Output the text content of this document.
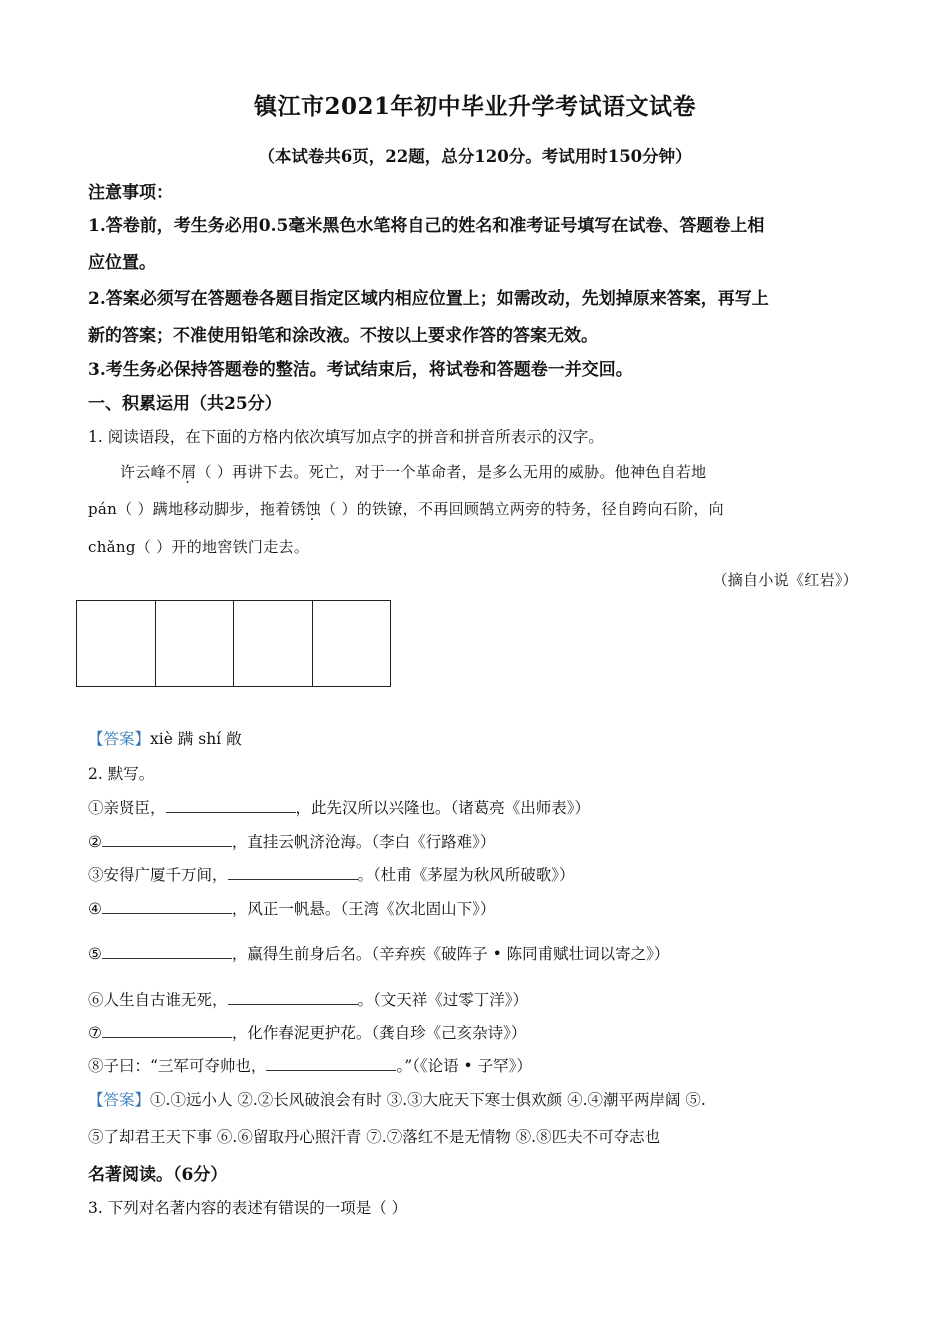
镇江市2021年初中毕业升学考试语文试卷
（本试卷共6页，22题，总分120分。考试用时150分钟）
注意事项：
1.答卷前，考生务必用0.5毫米黑色水笔将自己的姓名和准考证号填写在试卷、答题卷上相
应位置。
2.答案必须写在答题卷各题目指定区域内相应位置上；如需改动，先划掉原来答案，再写上
新的答案；不准使用铅笔和涂改液。不按以上要求作答的答案无效。
3.考生务必保持答题卷的整洁。考试结束后，将试卷和答题卷一并交回。
一、积累运用（共25分）
1. 阅读语段，在下面的方格内依次填写加点字的拼音和拼音所表示的汉字。
许云峰不屑（ ）再讲下去。死亡，对于一个革命者，是多么无用的威胁。他神色自若地
pán（ ）蹒地移动脚步，拖着锈蚀（ ）的铁镣，不再回顾鹄立两旁的特务，径自跨向石阶，向
chǎng（ ）开的地窖铁门走去。
（摘自小说《红岩》）
【答案】xiè 蹒 shí 敞
2. 默写。
①亲贤臣，	，此先汉所以兴隆也。（诸葛亮《出师表》）
②	，直挂云帆济沧海。（李白《行路难》）
③安得广厦千万间，	。（杜甫《茅屋为秋风所破歌》）
④	，风正一帆悬。（王湾《次北固山下》）
⑤	，赢得生前身后名。（辛弃疾《破阵子 • 陈同甫赋壮词以寄之》）
⑥人生自古谁无死，	。（文天祥《过零丁洋》）
⑦	，化作春泥更护花。（龚自珍《己亥杂诗》）
⑧子曰：“三军可夺帅也，	。”（《论语 • 子罕》）
【答案】①.①远小人 ②.②长风破浪会有时 ③.③大庇天下寒士俱欢颜 ④.④潮平两岸阔 ⑤.
⑤了却君王天下事 ⑥.⑥留取丹心照汗青 ⑦.⑦落红不是无情物 ⑧.⑧匹夫不可夺志也
名著阅读。（6分）
3. 下列对名著内容的表述有错误的一项是（ ）
